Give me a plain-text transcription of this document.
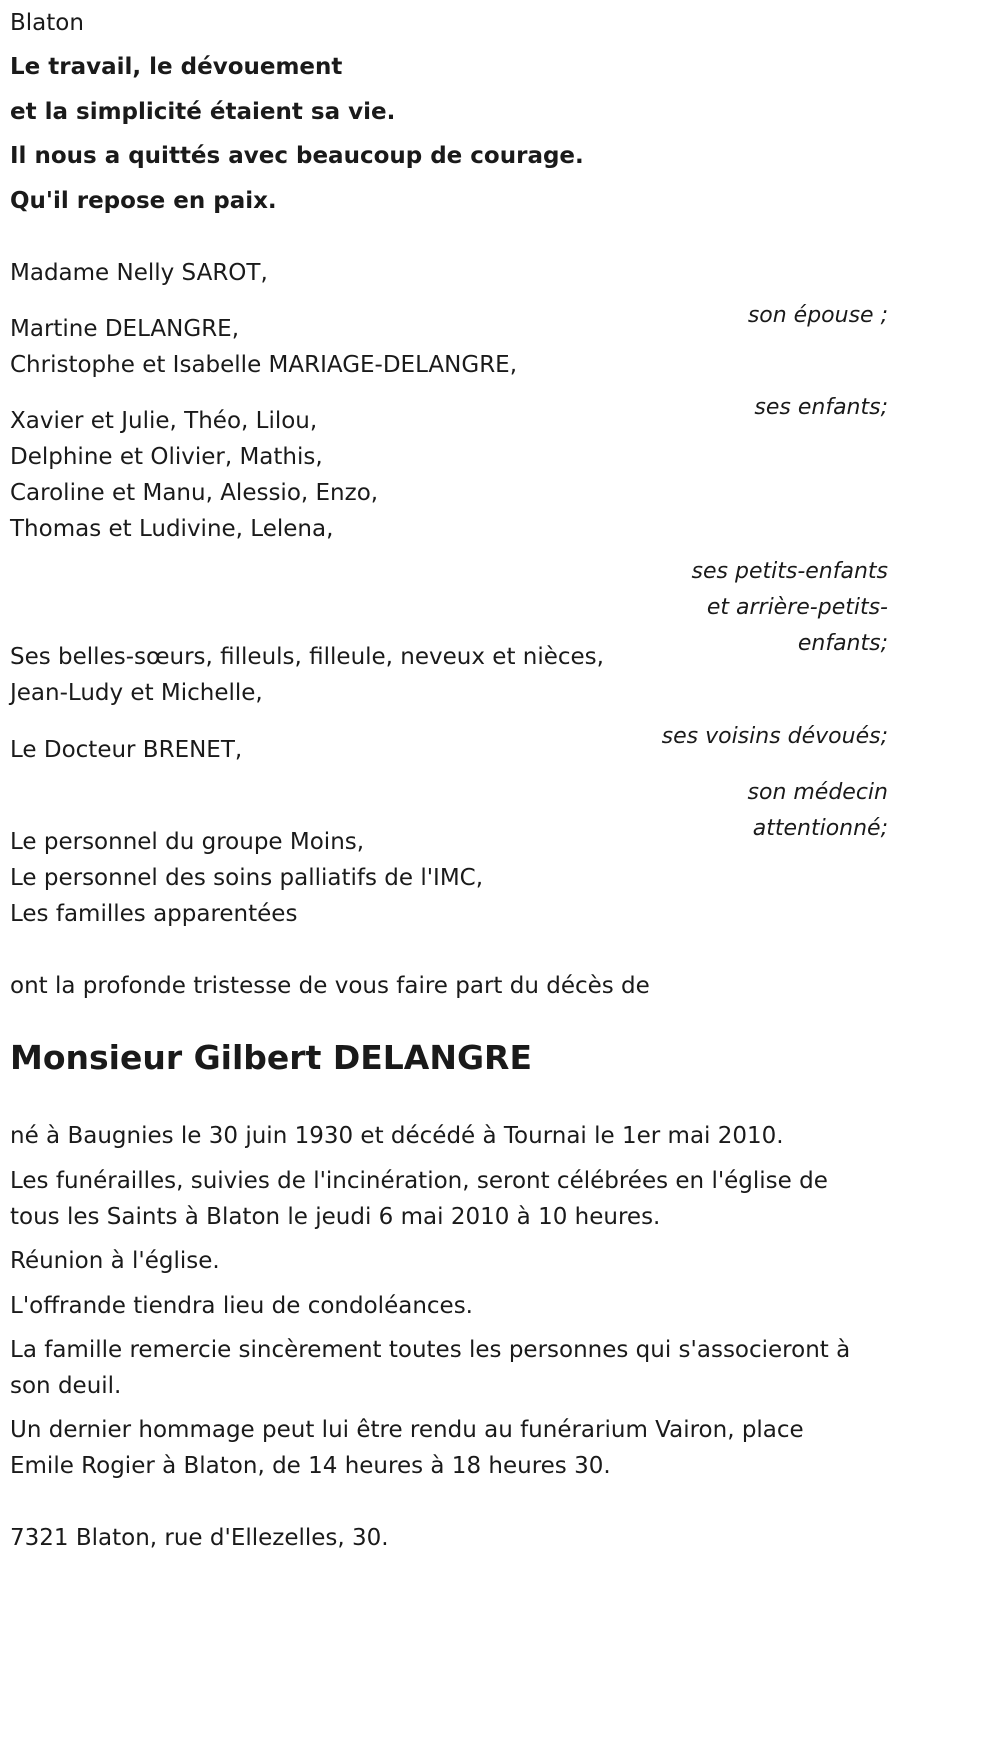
Blaton

Le travail, le dévouement

et la simplicité étaient sa vie.

Il nous a quittés avec beaucoup de courage.

Qu'il repose en paix.

Madame Nelly SAROT,

son épouse ;

Martine DELANGRE,

Christophe et Isabelle MARIAGE-DELANGRE,

ses enfants;

Xavier et Julie, Théo, Lilou,

Delphine et Olivier, Mathis,

Caroline et Manu, Alessio, Enzo,

Thomas et Ludivine, Lelena,

ses petits-enfants

et arrière-petits-

enfants;

Ses belles-sœurs, filleuls, filleule, neveux et nièces,

Jean-Ludy et Michelle,

ses voisins dévoués;

Le Docteur BRENET,

son médecin

attentionné;

Le personnel du groupe Moins,

Le personnel des soins palliatifs de l'IMC,

Les familles apparentées

ont la profonde tristesse de vous faire part du décès de

Monsieur Gilbert DELANGRE

né à Baugnies le 30 juin 1930 et décédé à Tournai le 1er mai 2010.

Les funérailles, suivies de l'incinération, seront célébrées en l'église de

tous les Saints à Blaton le jeudi 6 mai 2010 à 10 heures.

Réunion à l'église.

L'offrande tiendra lieu de condoléances.

La famille remercie sincèrement toutes les personnes qui s'associeront à

son deuil.

Un dernier hommage peut lui être rendu au funérarium Vairon, place

Emile Rogier à Blaton, de 14 heures à 18 heures 30.

7321 Blaton, rue d'Ellezelles, 30.
